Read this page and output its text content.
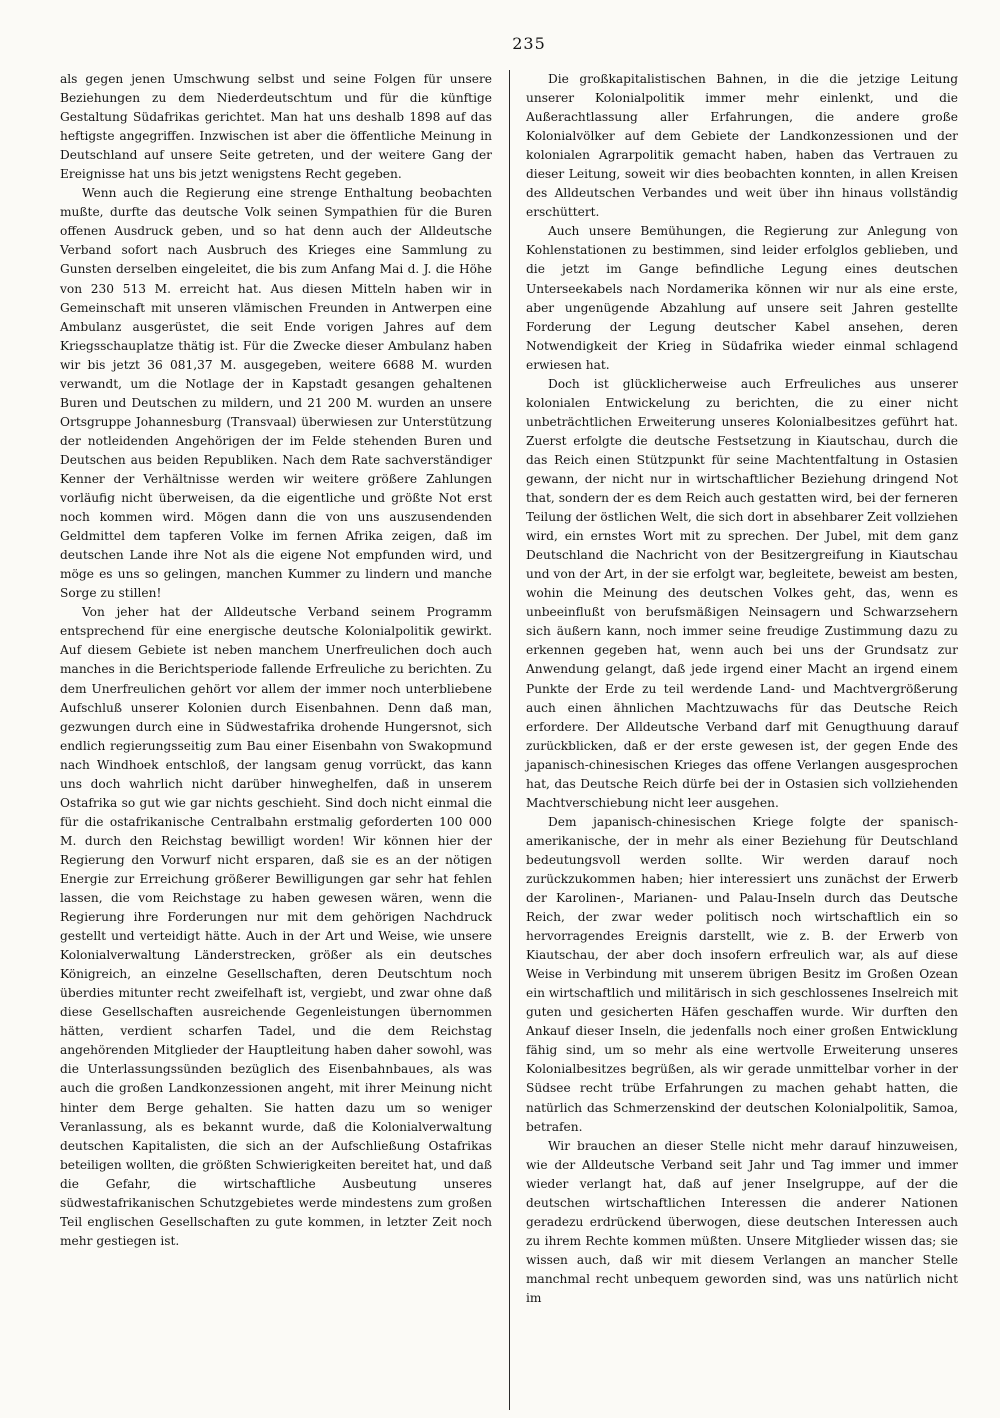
235

als gegen jenen Umschwung selbst und seine Folgen für unsere Beziehungen zu dem Niederdeutschtum und für die künftige Gestaltung Südafrikas gerichtet. Man hat uns deshalb 1898 auf das heftigste angegriffen. Inzwischen ist aber die öffentliche Meinung in Deutschland auf unsere Seite getreten, und der weitere Gang der Ereignisse hat uns bis jetzt wenigstens Recht gegeben.

Wenn auch die Regierung eine strenge Enthaltung beobachten mußte, durfte das deutsche Volk seinen Sympathien für die Buren offenen Ausdruck geben, und so hat denn auch der Alldeutsche Verband sofort nach Ausbruch des Krieges eine Sammlung zu Gunsten derselben eingeleitet, die bis zum Anfang Mai d. J. die Höhe von 230 513 M. erreicht hat. Aus diesen Mitteln haben wir in Gemeinschaft mit unseren vlämischen Freunden in Antwerpen eine Ambulanz ausgerüstet, die seit Ende vorigen Jahres auf dem Kriegsschauplatze thätig ist. Für die Zwecke dieser Ambulanz haben wir bis jetzt 36 081,37 M. ausgegeben, weitere 6688 M. wurden verwandt, um die Notlage der in Kapstadt gesangen gehaltenen Buren und Deutschen zu mildern, und 21 200 M. wurden an unsere Ortsgruppe Johannesburg (Transvaal) überwiesen zur Unterstützung der notleidenden Angehörigen der im Felde stehenden Buren und Deutschen aus beiden Republiken. Nach dem Rate sachverständiger Kenner der Verhältnisse werden wir weitere größere Zahlungen vorläufig nicht überweisen, da die eigentliche und größte Not erst noch kommen wird. Mögen dann die von uns auszusendenden Geldmittel dem tapferen Volke im fernen Afrika zeigen, daß im deutschen Lande ihre Not als die eigene Not empfunden wird, und möge es uns so gelingen, manchen Kummer zu lindern und manche Sorge zu stillen!

Von jeher hat der Alldeutsche Verband seinem Programm entsprechend für eine energische deutsche Kolonialpolitik gewirkt. Auf diesem Gebiete ist neben manchem Unerfreulichen doch auch manches in die Berichtsperiode fallende Erfreuliche zu berichten. Zu dem Unerfreulichen gehört vor allem der immer noch unterbliebene Aufschluß unserer Kolonien durch Eisenbahnen. Denn daß man, gezwungen durch eine in Südwestafrika drohende Hungersnot, sich endlich regierungsseitig zum Bau einer Eisenbahn von Swakopmund nach Windhoek entschloß, der langsam genug vorrückt, das kann uns doch wahrlich nicht darüber hinweghelfen, daß in unserem Ostafrika so gut wie gar nichts geschieht. Sind doch nicht einmal die für die ostafrikanische Centralbahn erstmalig geforderten 100 000 M. durch den Reichstag bewilligt worden! Wir können hier der Regierung den Vorwurf nicht ersparen, daß sie es an der nötigen Energie zur Erreichung größerer Bewilligungen gar sehr hat fehlen lassen, die vom Reichstage zu haben gewesen wären, wenn die Regierung ihre Forderungen nur mit dem gehörigen Nachdruck gestellt und verteidigt hätte. Auch in der Art und Weise, wie unsere Kolonialverwaltung Länderstrecken, größer als ein deutsches Königreich, an einzelne Gesellschaften, deren Deutschtum noch überdies mitunter recht zweifelhaft ist, vergiebt, und zwar ohne daß diese Gesellschaften ausreichende Gegenleistungen übernommen hätten, verdient scharfen Tadel, und die dem Reichstag angehörenden Mitglieder der Hauptleitung haben daher sowohl, was die Unterlassungssünden bezüglich des Eisenbahnbaues, als was auch die großen Landkonzessionen angeht, mit ihrer Meinung nicht hinter dem Berge gehalten. Sie hatten dazu um so weniger Veranlassung, als es bekannt wurde, daß die Kolonialverwaltung deutschen Kapitalisten, die sich an der Aufschließung Ostafrikas beteiligen wollten, die größten Schwierigkeiten bereitet hat, und daß die Gefahr, die wirtschaftliche Ausbeutung unseres südwestafrikanischen Schutzgebietes werde mindestens zum großen Teil englischen Gesellschaften zu gute kommen, in letzter Zeit noch mehr gestiegen ist.

Die großkapitalistischen Bahnen, in die die jetzige Leitung unserer Kolonialpolitik immer mehr einlenkt, und die Außerachtlassung aller Erfahrungen, die andere große Kolonialvölker auf dem Gebiete der Landkonzessionen und der kolonialen Agrarpolitik gemacht haben, haben das Vertrauen zu dieser Leitung, soweit wir dies beobachten konnten, in allen Kreisen des Alldeutschen Verbandes und weit über ihn hinaus vollständig erschüttert.

Auch unsere Bemühungen, die Regierung zur Anlegung von Kohlenstationen zu bestimmen, sind leider erfolglos geblieben, und die jetzt im Gange befindliche Legung eines deutschen Unterseekabels nach Nordamerika können wir nur als eine erste, aber ungenügende Abzahlung auf unsere seit Jahren gestellte Forderung der Legung deutscher Kabel ansehen, deren Notwendigkeit der Krieg in Südafrika wieder einmal schlagend erwiesen hat.

Doch ist glücklicherweise auch Erfreuliches aus unserer kolonialen Entwickelung zu berichten, die zu einer nicht unbeträchtlichen Erweiterung unseres Kolonialbesitzes geführt hat. Zuerst erfolgte die deutsche Festsetzung in Kiautschau, durch die das Reich einen Stützpunkt für seine Machtentfaltung in Ostasien gewann, der nicht nur in wirtschaftlicher Beziehung dringend Not that, sondern der es dem Reich auch gestatten wird, bei der ferneren Teilung der östlichen Welt, die sich dort in absehbarer Zeit vollziehen wird, ein ernstes Wort mit zu sprechen. Der Jubel, mit dem ganz Deutschland die Nachricht von der Besitzergreifung in Kiautschau und von der Art, in der sie erfolgt war, begleitete, beweist am besten, wohin die Meinung des deutschen Volkes geht, das, wenn es unbeeinflußt von berufsmäßigen Neinsagern und Schwarzsehern sich äußern kann, noch immer seine freudige Zustimmung dazu zu erkennen gegeben hat, wenn auch bei uns der Grundsatz zur Anwendung gelangt, daß jede irgend einer Macht an irgend einem Punkte der Erde zu teil werdende Land- und Machtvergrößerung auch einen ähnlichen Machtzuwachs für das Deutsche Reich erfordere. Der Alldeutsche Verband darf mit Genugthuung darauf zurückblicken, daß er der erste gewesen ist, der gegen Ende des japanisch-chinesischen Krieges das offene Verlangen ausgesprochen hat, das Deutsche Reich dürfe bei der in Ostasien sich vollziehenden Machtverschiebung nicht leer ausgehen.

Dem japanisch-chinesischen Kriege folgte der spanisch-amerikanische, der in mehr als einer Beziehung für Deutschland bedeutungsvoll werden sollte. Wir werden darauf noch zurückzukommen haben; hier interessiert uns zunächst der Erwerb der Karolinen-, Marianen- und Palau-Inseln durch das Deutsche Reich, der zwar weder politisch noch wirtschaftlich ein so hervorragendes Ereignis darstellt, wie z. B. der Erwerb von Kiautschau, der aber doch insofern erfreulich war, als auf diese Weise in Verbindung mit unserem übrigen Besitz im Großen Ozean ein wirtschaftlich und militärisch in sich geschlossenes Inselreich mit guten und gesicherten Häfen geschaffen wurde. Wir durften den Ankauf dieser Inseln, die jedenfalls noch einer großen Entwicklung fähig sind, um so mehr als eine wertvolle Erweiterung unseres Kolonialbesitzes begrüßen, als wir gerade unmittelbar vorher in der Südsee recht trübe Erfahrungen zu machen gehabt hatten, die natürlich das Schmerzenskind der deutschen Kolonialpolitik, Samoa, betrafen.

Wir brauchen an dieser Stelle nicht mehr darauf hinzuweisen, wie der Alldeutsche Verband seit Jahr und Tag immer und immer wieder verlangt hat, daß auf jener Inselgruppe, auf der die deutschen wirtschaftlichen Interessen die anderer Nationen geradezu erdrückend überwogen, diese deutschen Interessen auch zu ihrem Rechte kommen müßten. Unsere Mitglieder wissen das; sie wissen auch, daß wir mit diesem Verlangen an mancher Stelle manchmal recht unbequem geworden sind, was uns natürlich nicht im
